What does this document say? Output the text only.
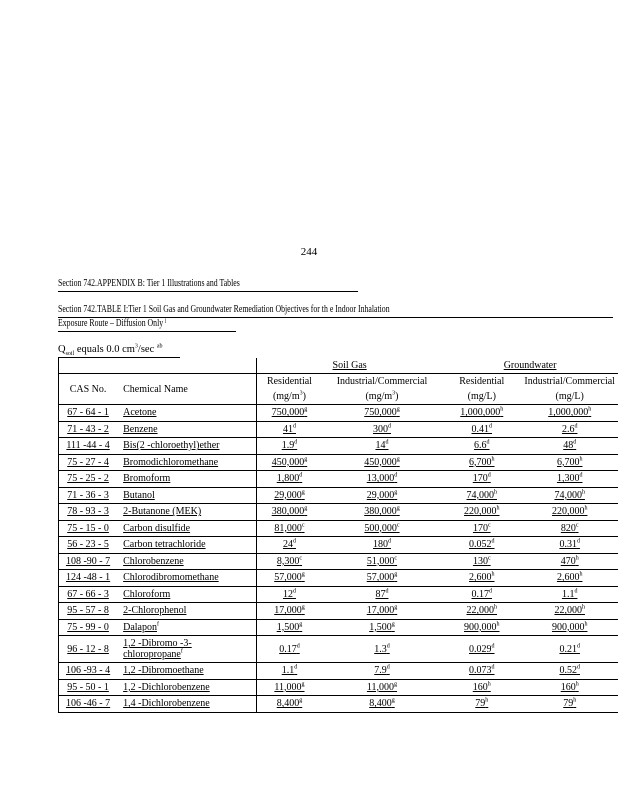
244
Section 742.APPENDIX B: Tier 1 Illustrations and Tables
Section 742.TABLE I:Tier 1 Soil Gas and Groundwater Remediation Objectives for th e Indoor Inhalation
Exposure Route – Diffusion Only $^j$
$Q_{soil}$ equals 0.0 $cm^3/\sec$ $^{ab}$
		Soil Gas		Groundwater	
CAS No.	Chemical Name	Residential	Industrial/Commercial	Residential	Industrial/Commercial
		$(mg/m^3)$	$(mg/m^3)$	(mg/L)	(mg/L)
67 - 64 - 1	Acetone	750,000$^g$	750,000$^g$	1,000,000$^h$	1,000,000$^h$
71 - 43 - 2	Benzene	41$^d$	300$^d$	0.41$^d$	2.6$^d$
111 -44 - 4	Bis(2 -chloroethyl)ether	1.9$^d$	14$^d$	6.6$^d$	48$^d$
75 - 27 - 4	Bromodichloromethane	450,000$^g$	450,000$^g$	6,700$^h$	6,700$^h$
75 - 25 - 2	Bromoform	1,800$^d$	13,000$^d$	170$^d$	1,300$^d$
71 - 36 - 3	Butanol	29,000$^g$	29,000$^g$	74,000$^h$	74,000$^h$
78 - 93 - 3	2-Butanone (MEK)	380,000$^g$	380,000$^g$	220,000$^h$	220,000$^h$
75 - 15 - 0	Carbon disulfide	81,000$^c$	500,000$^c$	170$^c$	820$^c$
56 - 23 - 5	Carbon tetrachloride	24$^d$	180$^d$	0.052$^d$	0.31$^d$
108 -90 - 7	Chlorobenzene	8,300$^c$	51,000$^c$	130$^c$	470$^h$
124 -48 - 1	Chlorodibromomethane	57,000$^g$	57,000$^g$	2,600$^h$	2,600$^h$
67 - 66 - 3	Chloroform	12$^d$	87$^d$	0.17$^d$	1.1$^d$
95 - 57 - 8	2-Chlorophenol	17,000$^g$	17,000$^g$	22,000$^h$	22,000$^h$
75 - 99 - 0	Dalapon$^f$	1,500$^g$	1,500$^g$	900,000$^h$	900,000$^h$
96 - 12 - 8	1,2 -Dibromo -3-
chloropropane$^f$	0.17$^d$	1.3$^d$	0.029$^d$	0.21$^d$
106 -93 - 4	1,2 -Dibromoethane	1.1$^d$	7.9$^d$	0.073$^d$	0.52$^d$
95 - 50 - 1	1,2 -Dichlorobenzene	11,000$^g$	11,000$^g$	160$^h$	160$^h$
106 -46 - 7	1,4 -Dichlorobenzene	8,400$^g$	8,400$^g$	79$^h$	79$^h$
